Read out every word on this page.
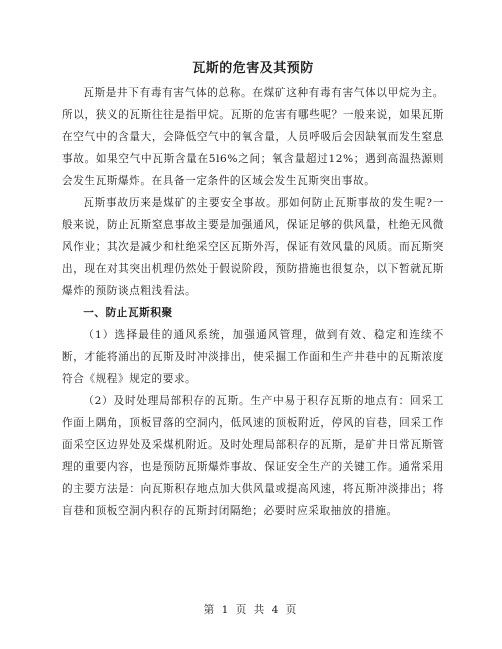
瓦斯的危害及其预防

瓦斯是井下有毒有害气体的总称。在煤矿这种有毒有害气体以甲烷为主。所以，狭义的瓦斯往往是指甲烷。瓦斯的危害有哪些呢？一般来说，如果瓦斯在空气中的含量大，会降低空气中的氧含量，人员呼吸后会因缺氧而发生窒息事故。如果空气中瓦斯含量在5l6%之间；氧含量超过12%；遇到高温热源则会发生瓦斯爆炸。在具备一定条件的区域会发生瓦斯突出事故。

瓦斯事故历来是煤矿的主要安全事故。那如何防止瓦斯事故的发生呢?一般来说，防止瓦斯窒息事故主要是加强通风，保证足够的供风量，杜绝无风微风作业；其次是减少和杜绝采空区瓦斯外泻，保证有效风量的风质。而瓦斯突出，现在对其突出机理仍然处于假说阶段，预防措施也很复杂，以下暂就瓦斯爆炸的预防谈点粗浅看法。

一、防止瓦斯积聚

（1）选择最佳的通风系统，加强通风管理，做到有效、稳定和连续不断，才能将涌出的瓦斯及时冲淡排出，使采掘工作面和生产井巷中的瓦斯浓度符合《规程》规定的要求。

（2）及时处理局部积存的瓦斯。生产中易于积存瓦斯的地点有：回采工作面上隅角，顶板冒落的空洞内，低风速的顶板附近，停风的盲巷，回采工作面采空区边界处及采煤机附近。及时处理局部积存的瓦斯，是矿井日常瓦斯管理的重要内容，也是预防瓦斯爆炸事故、保证安全生产的关键工作。通常采用的主要方法是：向瓦斯积存地点加大供风量或提高风速，将瓦斯冲淡排出；将盲巷和顶板空洞内积存的瓦斯封闭隔绝；必要时应采取抽放的措施。

第 1 页 共 4 页
